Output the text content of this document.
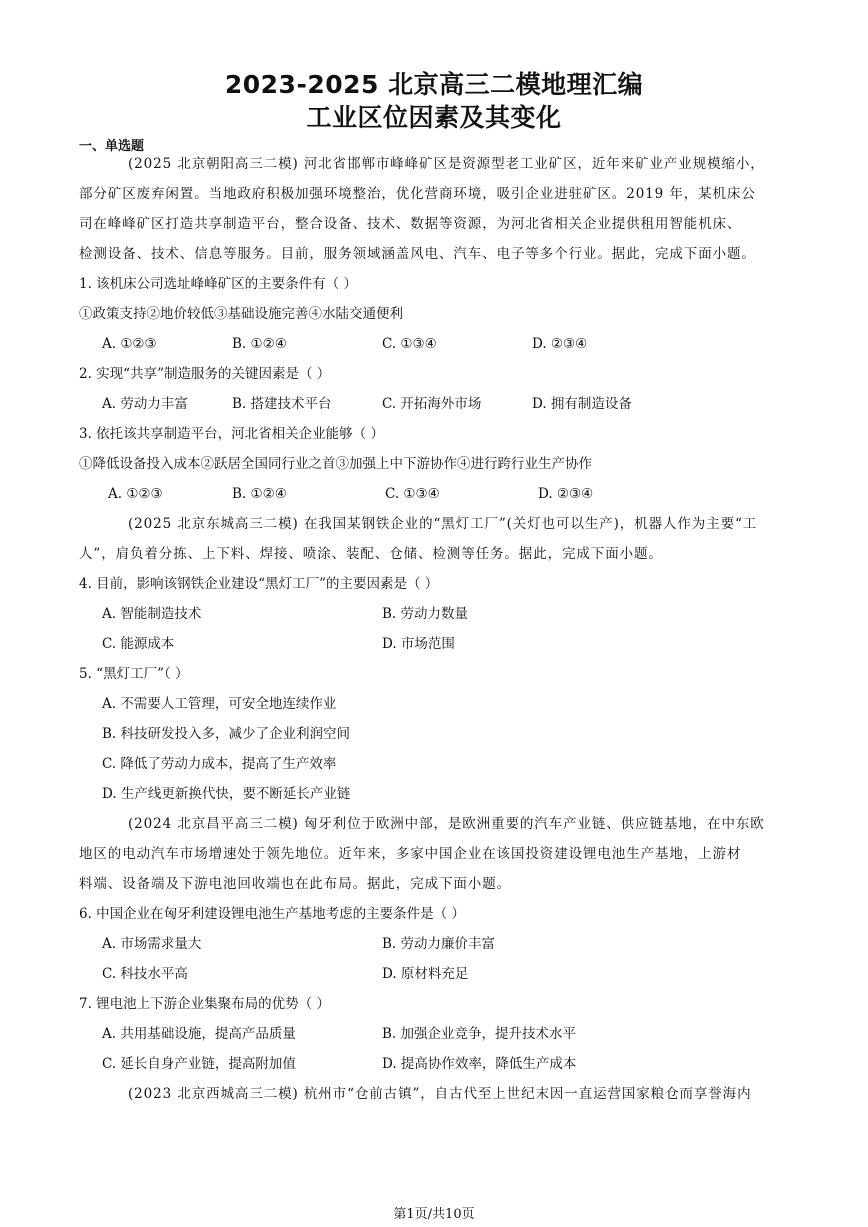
2023-2025 北京高三二模地理汇编
工业区位因素及其变化
一、单选题
(2025 北京朝阳高三二模) 河北省邯郸市峰峰矿区是资源型老工业矿区，近年来矿业产业规模缩小，
部分矿区废弃闲置。当地政府积极加强环境整治，优化营商环境，吸引企业进驻矿区。2019 年，某机床公
司在峰峰矿区打造共享制造平台，整合设备、技术、数据等资源，为河北省相关企业提供租用智能机床、
检测设备、技术、信息等服务。目前，服务领域涵盖风电、汽车、电子等多个行业。据此，完成下面小题。
1. 该机床公司选址峰峰矿区的主要条件有（ ）
①政策支持②地价较低③基础设施完善④水陆交通便利
A. ①②③	B. ①②④	C. ①③④	D. ②③④
2. 实现“共享”制造服务的关键因素是（ ）
A. 劳动力丰富	B. 搭建技术平台	C. 开拓海外市场	D. 拥有制造设备
3. 依托该共享制造平台，河北省相关企业能够（ ）
①降低设备投入成本②跃居全国同行业之首③加强上中下游协作④进行跨行业生产协作
A. ①②③	B. ①②④	C. ①③④	D. ②③④
(2025 北京东城高三二模) 在我国某钢铁企业的“黑灯工厂”(关灯也可以生产)，机器人作为主要“工
人”，肩负着分拣、上下料、焊接、喷涂、装配、仓储、检测等任务。据此，完成下面小题。
4. 目前，影响该钢铁企业建设“黑灯工厂”的主要因素是（ ）
A. 智能制造技术	B. 劳动力数量
C. 能源成本	D. 市场范围
5. “黑灯工厂”（ ）
A. 不需要人工管理，可安全地连续作业
B. 科技研发投入多，减少了企业利润空间
C. 降低了劳动力成本，提高了生产效率
D. 生产线更新换代快，要不断延长产业链
(2024 北京昌平高三二模) 匈牙利位于欧洲中部，是欧洲重要的汽车产业链、供应链基地，在中东欧
地区的电动汽车市场增速处于领先地位。近年来，多家中国企业在该国投资建设锂电池生产基地，上游材
料端、设备端及下游电池回收端也在此布局。据此，完成下面小题。
6. 中国企业在匈牙利建设锂电池生产基地考虑的主要条件是（ ）
A. 市场需求量大	B. 劳动力廉价丰富
C. 科技水平高	D. 原材料充足
7. 锂电池上下游企业集聚布局的优势（ ）
A. 共用基础设施，提高产品质量	B. 加强企业竞争，提升技术水平
C. 延长自身产业链，提高附加值	D. 提高协作效率，降低生产成本
(2023 北京西城高三二模) 杭州市“仓前古镇”，自古代至上世纪末因一直运营国家粮仓而享誉海内
第1页/共10页
